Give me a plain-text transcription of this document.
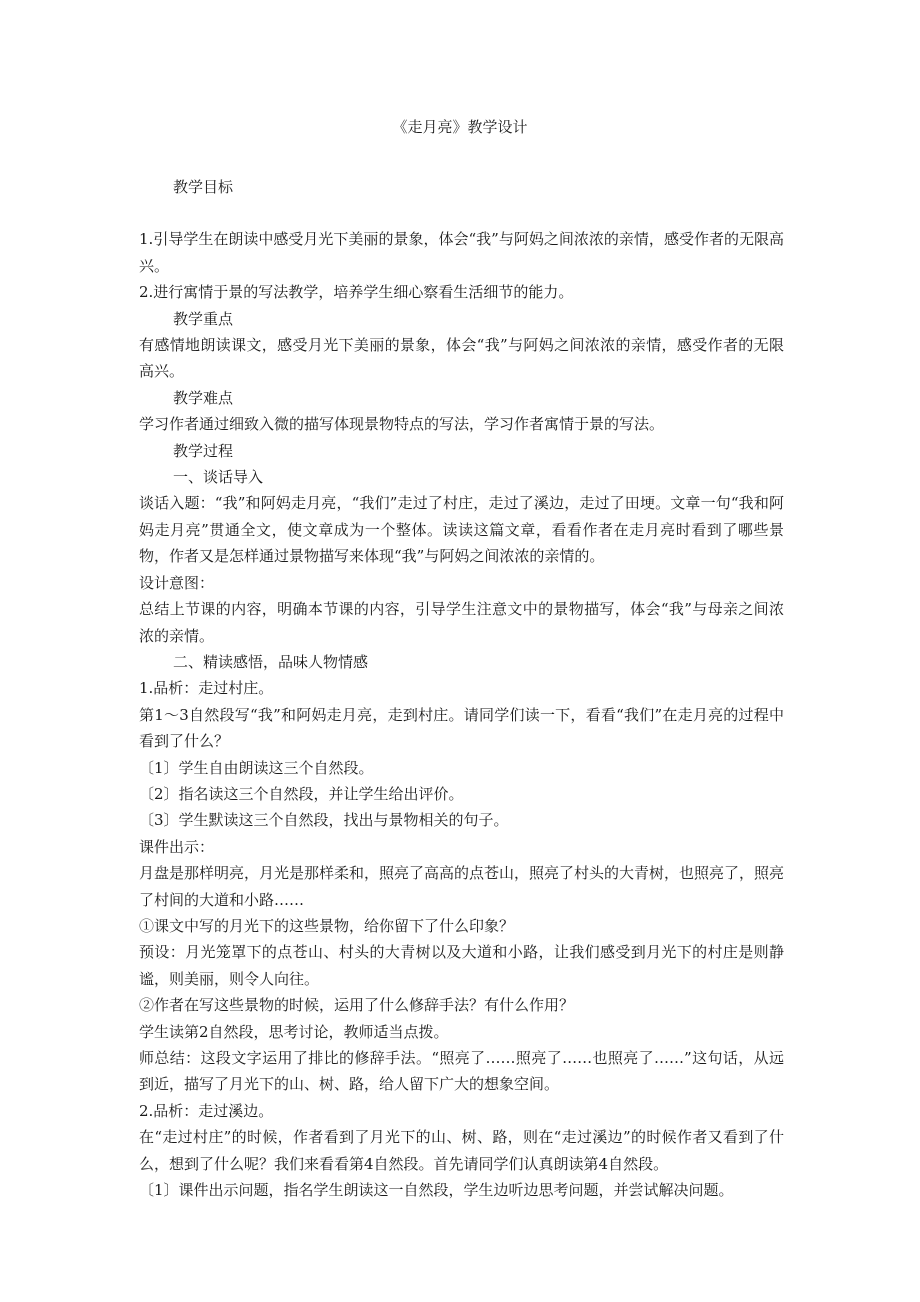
《走月亮》教学设计

教学目标

1.引导学生在朗读中感受月光下美丽的景象，体会“我”与阿妈之间浓浓的亲情，感受作者的无限高兴。

2.进行寓情于景的写法教学，培养学生细心察看生活细节的能力。

教学重点

有感情地朗读课文，感受月光下美丽的景象，体会“我”与阿妈之间浓浓的亲情，感受作者的无限高兴。

教学难点

学习作者通过细致入微的描写体现景物特点的写法，学习作者寓情于景的写法。

教学过程

一、谈话导入

谈话入题：“我”和阿妈走月亮，“我们”走过了村庄，走过了溪边，走过了田埂。文章一句“我和阿妈走月亮”贯通全文，使文章成为一个整体。读读这篇文章，看看作者在走月亮时看到了哪些景物，作者又是怎样通过景物描写来体现“我”与阿妈之间浓浓的亲情的。

设计意图：

总结上节课的内容，明确本节课的内容，引导学生注意文中的景物描写，体会“我”与母亲之间浓浓的亲情。

二、精读感悟，品味人物情感

1.品析：走过村庄。

第1～3自然段写“我”和阿妈走月亮，走到村庄。请同学们读一下，看看“我们”在走月亮的过程中看到了什么？

〔1〕学生自由朗读这三个自然段。

〔2〕指名读这三个自然段，并让学生给出评价。

〔3〕学生默读这三个自然段，找出与景物相关的句子。

课件出示：

月盘是那样明亮，月光是那样柔和，照亮了高高的点苍山，照亮了村头的大青树，也照亮了，照亮了村间的大道和小路……

①课文中写的月光下的这些景物，给你留下了什么印象？

预设：月光笼罩下的点苍山、村头的大青树以及大道和小路，让我们感受到月光下的村庄是则静谧，则美丽，则令人向往。

②作者在写这些景物的时候，运用了什么修辞手法？有什么作用？

学生读第2自然段，思考讨论，教师适当点拨。

师总结：这段文字运用了排比的修辞手法。“照亮了……照亮了……也照亮了……”这句话，从远到近，描写了月光下的山、树、路，给人留下广大的想象空间。

2.品析：走过溪边。

在“走过村庄”的时候，作者看到了月光下的山、树、路，则在“走过溪边”的时候作者又看到了什么，想到了什么呢？我们来看看第4自然段。首先请同学们认真朗读第4自然段。

〔1〕课件出示问题，指名学生朗读这一自然段，学生边听边思考问题，并尝试解决问题。
